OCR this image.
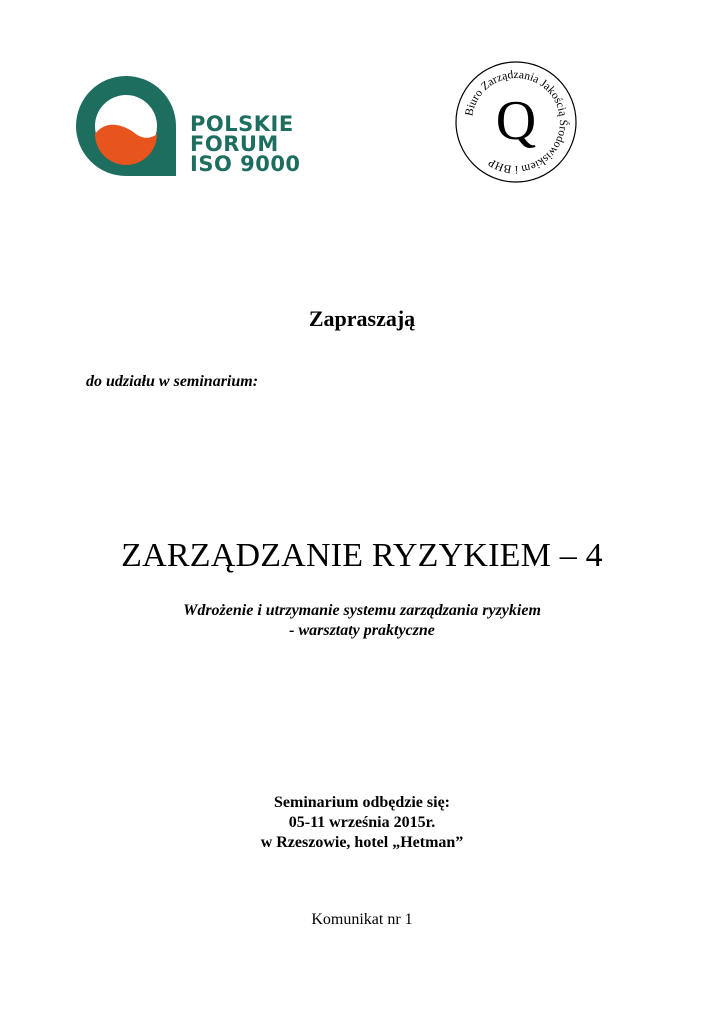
POLSKIE
FORUM
ISO 9000
Biuro Zarządzania Jakością Środowiskiem i BHP
Q
Zapraszają
do udziału w seminarium:
ZARZĄDZANIE RYZYKIEM – 4
Wdrożenie i utrzymanie systemu zarządzania ryzykiem
- warsztaty praktyczne
Seminarium odbędzie się:
05-11 września 2015r.
w Rzeszowie, hotel „Hetman”
Komunikat nr 1
